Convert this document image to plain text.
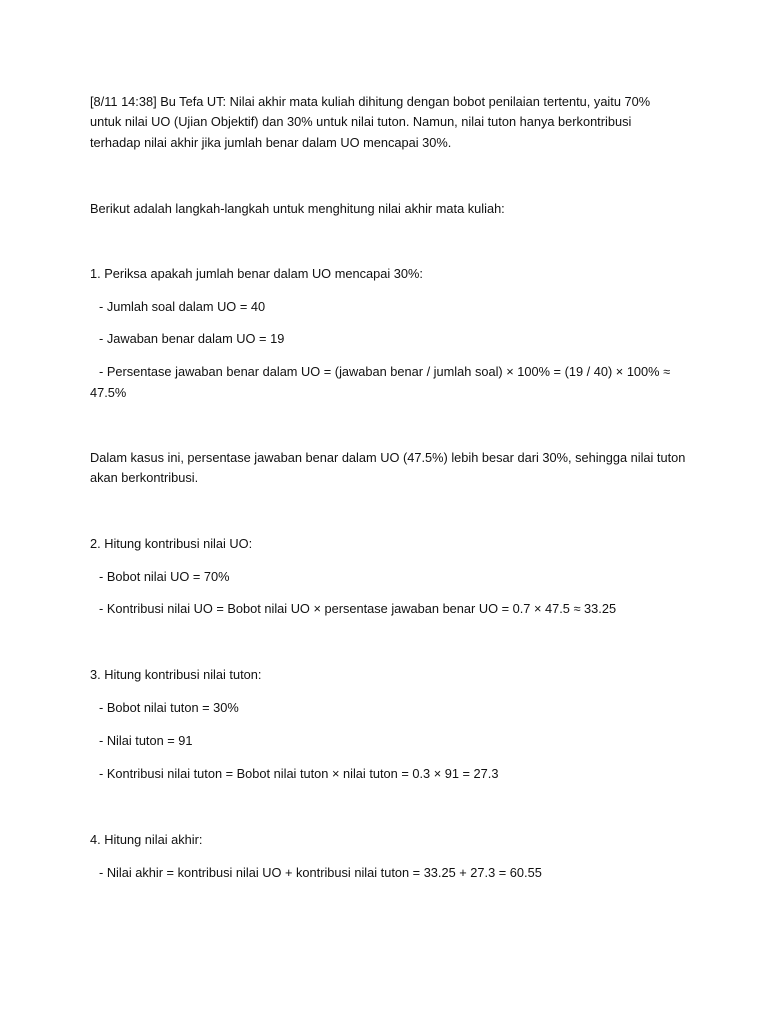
[8/11 14:38] Bu Tefa UT: Nilai akhir mata kuliah dihitung dengan bobot penilaian tertentu, yaitu 70%

untuk nilai UO (Ujian Objektif) dan 30% untuk nilai tuton. Namun, nilai tuton hanya berkontribusi

terhadap nilai akhir jika jumlah benar dalam UO mencapai 30%.

Berikut adalah langkah-langkah untuk menghitung nilai akhir mata kuliah:

1. Periksa apakah jumlah benar dalam UO mencapai 30%:

- Jumlah soal dalam UO = 40

- Jawaban benar dalam UO = 19

- Persentase jawaban benar dalam UO = (jawaban benar / jumlah soal) × 100% = (19 / 40) × 100% ≈

47.5%

Dalam kasus ini, persentase jawaban benar dalam UO (47.5%) lebih besar dari 30%, sehingga nilai tuton

akan berkontribusi.

2. Hitung kontribusi nilai UO:

- Bobot nilai UO = 70%

- Kontribusi nilai UO = Bobot nilai UO × persentase jawaban benar UO = 0.7 × 47.5 ≈ 33.25

3. Hitung kontribusi nilai tuton:

- Bobot nilai tuton = 30%

- Nilai tuton = 91

- Kontribusi nilai tuton = Bobot nilai tuton × nilai tuton = 0.3 × 91 = 27.3

4. Hitung nilai akhir:

- Nilai akhir = kontribusi nilai UO + kontribusi nilai tuton = 33.25 + 27.3 = 60.55
